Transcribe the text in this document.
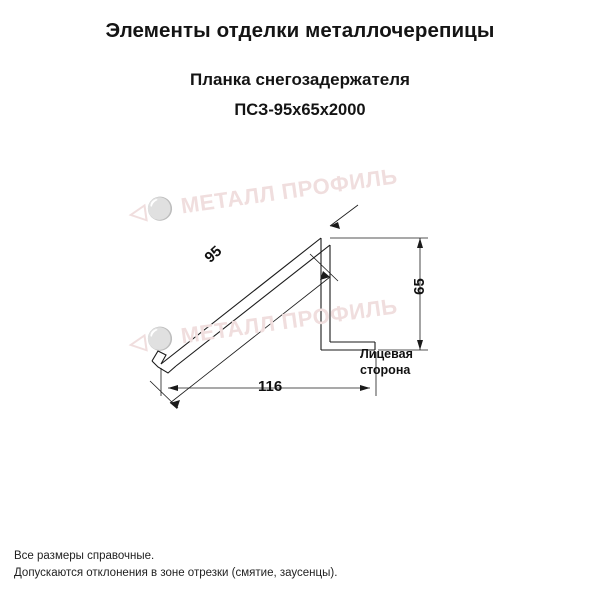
Элементы отделки металлочерепицы
Планка снегозадержателя
ПСЗ-95х65х2000
Лицевая
сторона
95
65
116
◁⚪ МЕТАЛЛ ПРОФИЛЬ
◁⚪ МЕТАЛЛ ПРОФИЛЬ
Все размеры справочные.
Допускаются отклонения в зоне отрезки (смятие, заусенцы).
